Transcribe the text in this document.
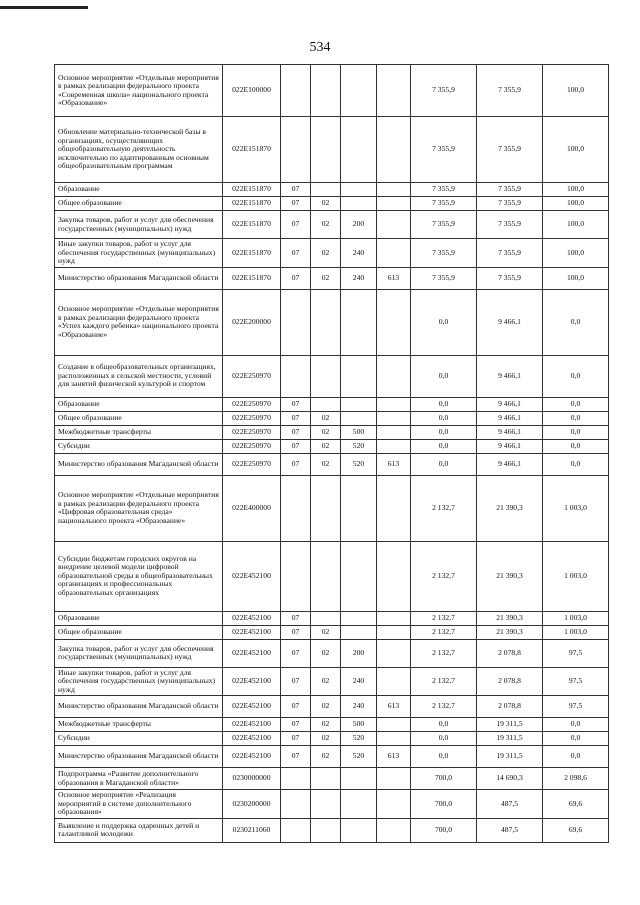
534
Основное мероприятие «Отдельные мероприятия в рамках реализации федерального проекта «Современная школа» национального проекта «Образование»	022E100000					7 355,9	7 355,9	100,0
Обновление материально-технической базы в организациях, осуществляющих общеобразовательную деятельность исключительно по адаптированным основным общеобразовательным программам	022E151870					7 355,9	7 355,9	100,0
Образование	022E151870	07				7 355,9	7 355,9	100,0
Общее образование	022E151870	07	02			7 355,9	7 355,9	100,0
Закупка товаров, работ и услуг для обеспечения государственных (муниципальных) нужд	022E151870	07	02	200		7 355,9	7 355,9	100,0
Иные закупки товаров, работ и услуг для обеспечения государственных (муниципальных) нужд	022E151870	07	02	240		7 355,9	7 355,9	100,0
Министерство образования Магаданской области	022E151870	07	02	240	613	7 355,9	7 355,9	100,0
Основное мероприятие «Отдельные мероприятия в рамках реализации федерального проекта «Успех каждого ребенка» национального проекта «Образование»	022E200000					0,0	9 466,1	0,0
Создание в общеобразовательных организациях, расположенных в сельской местности, условий для занятий физической культурой и спортом	022E250970					0,0	9 466,1	0,0
Образование	022E250970	07				0,0	9 466,1	0,0
Общее образование	022E250970	07	02			0,0	9 466,1	0,0
Межбюджетные трансферты	022E250970	07	02	500		0,0	9 466,1	0,0
Субсидии	022E250970	07	02	520		0,0	9 466,1	0,0
Министерство образования Магаданской области	022E250970	07	02	520	613	0,0	9 466,1	0,0
Основное мероприятие «Отдельные мероприятия в рамках реализации федерального проекта «Цифровая образовательная среда» национального проекта «Образование»	022E400000					2 132,7	21 390,3	1 003,0
Субсидии бюджетам городских округов на внедрение целевой модели цифровой образовательной среды в общеобразовательных организациях и профессиональных образовательных организациях	022E452100					2 132,7	21 390,3	1 003,0
Образование	022E452100	07				2 132,7	21 390,3	1 003,0
Общее образование	022E452100	07	02			2 132,7	21 390,3	1 003,0
Закупка товаров, работ и услуг для обеспечения государственных (муниципальных) нужд	022E452100	07	02	200		2 132,7	2 078,8	97,5
Иные закупки товаров, работ и услуг для обеспечения государственных (муниципальных) нужд	022E452100	07	02	240		2 132,7	2 078,8	97,5
Министерство образования Магаданской области	022E452100	07	02	240	613	2 132,7	2 078,8	97,5
Межбюджетные трансферты	022E452100	07	02	500		0,0	19 311,5	0,0
Субсидии	022E452100	07	02	520		0,0	19 311,5	0,0
Министерство образования Магаданской области	022E452100	07	02	520	613	0,0	19 311,5	0,0
Подпрограмма «Развитие дополнительного образования в Магаданской области»	0230000000					700,0	14 690,3	2 098,6
Основное мероприятие «Реализация мероприятий в системе дополнительного образования»	0230200000					700,0	487,5	69,6
Выявление и поддержка одаренных детей и талантливой молодежи	0230211060					700,0	487,5	69,6
